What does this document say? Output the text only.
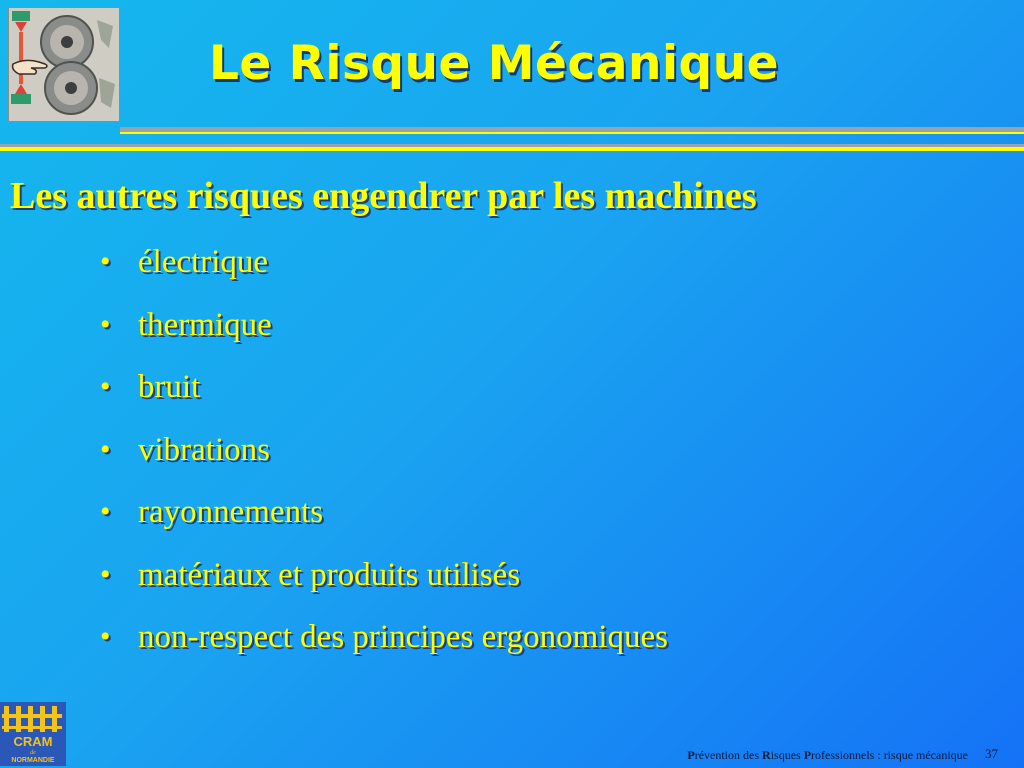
Le Risque Mécanique
Les autres risques engendrer par les machines
• électrique
• thermique
• bruit
• vibrations
• rayonnements
• matériaux et produits utilisés
• non-respect des principes ergonomiques
CRAM
de
NORMANDIE	Prévention des Risques Professionnels : risque mécanique 37
